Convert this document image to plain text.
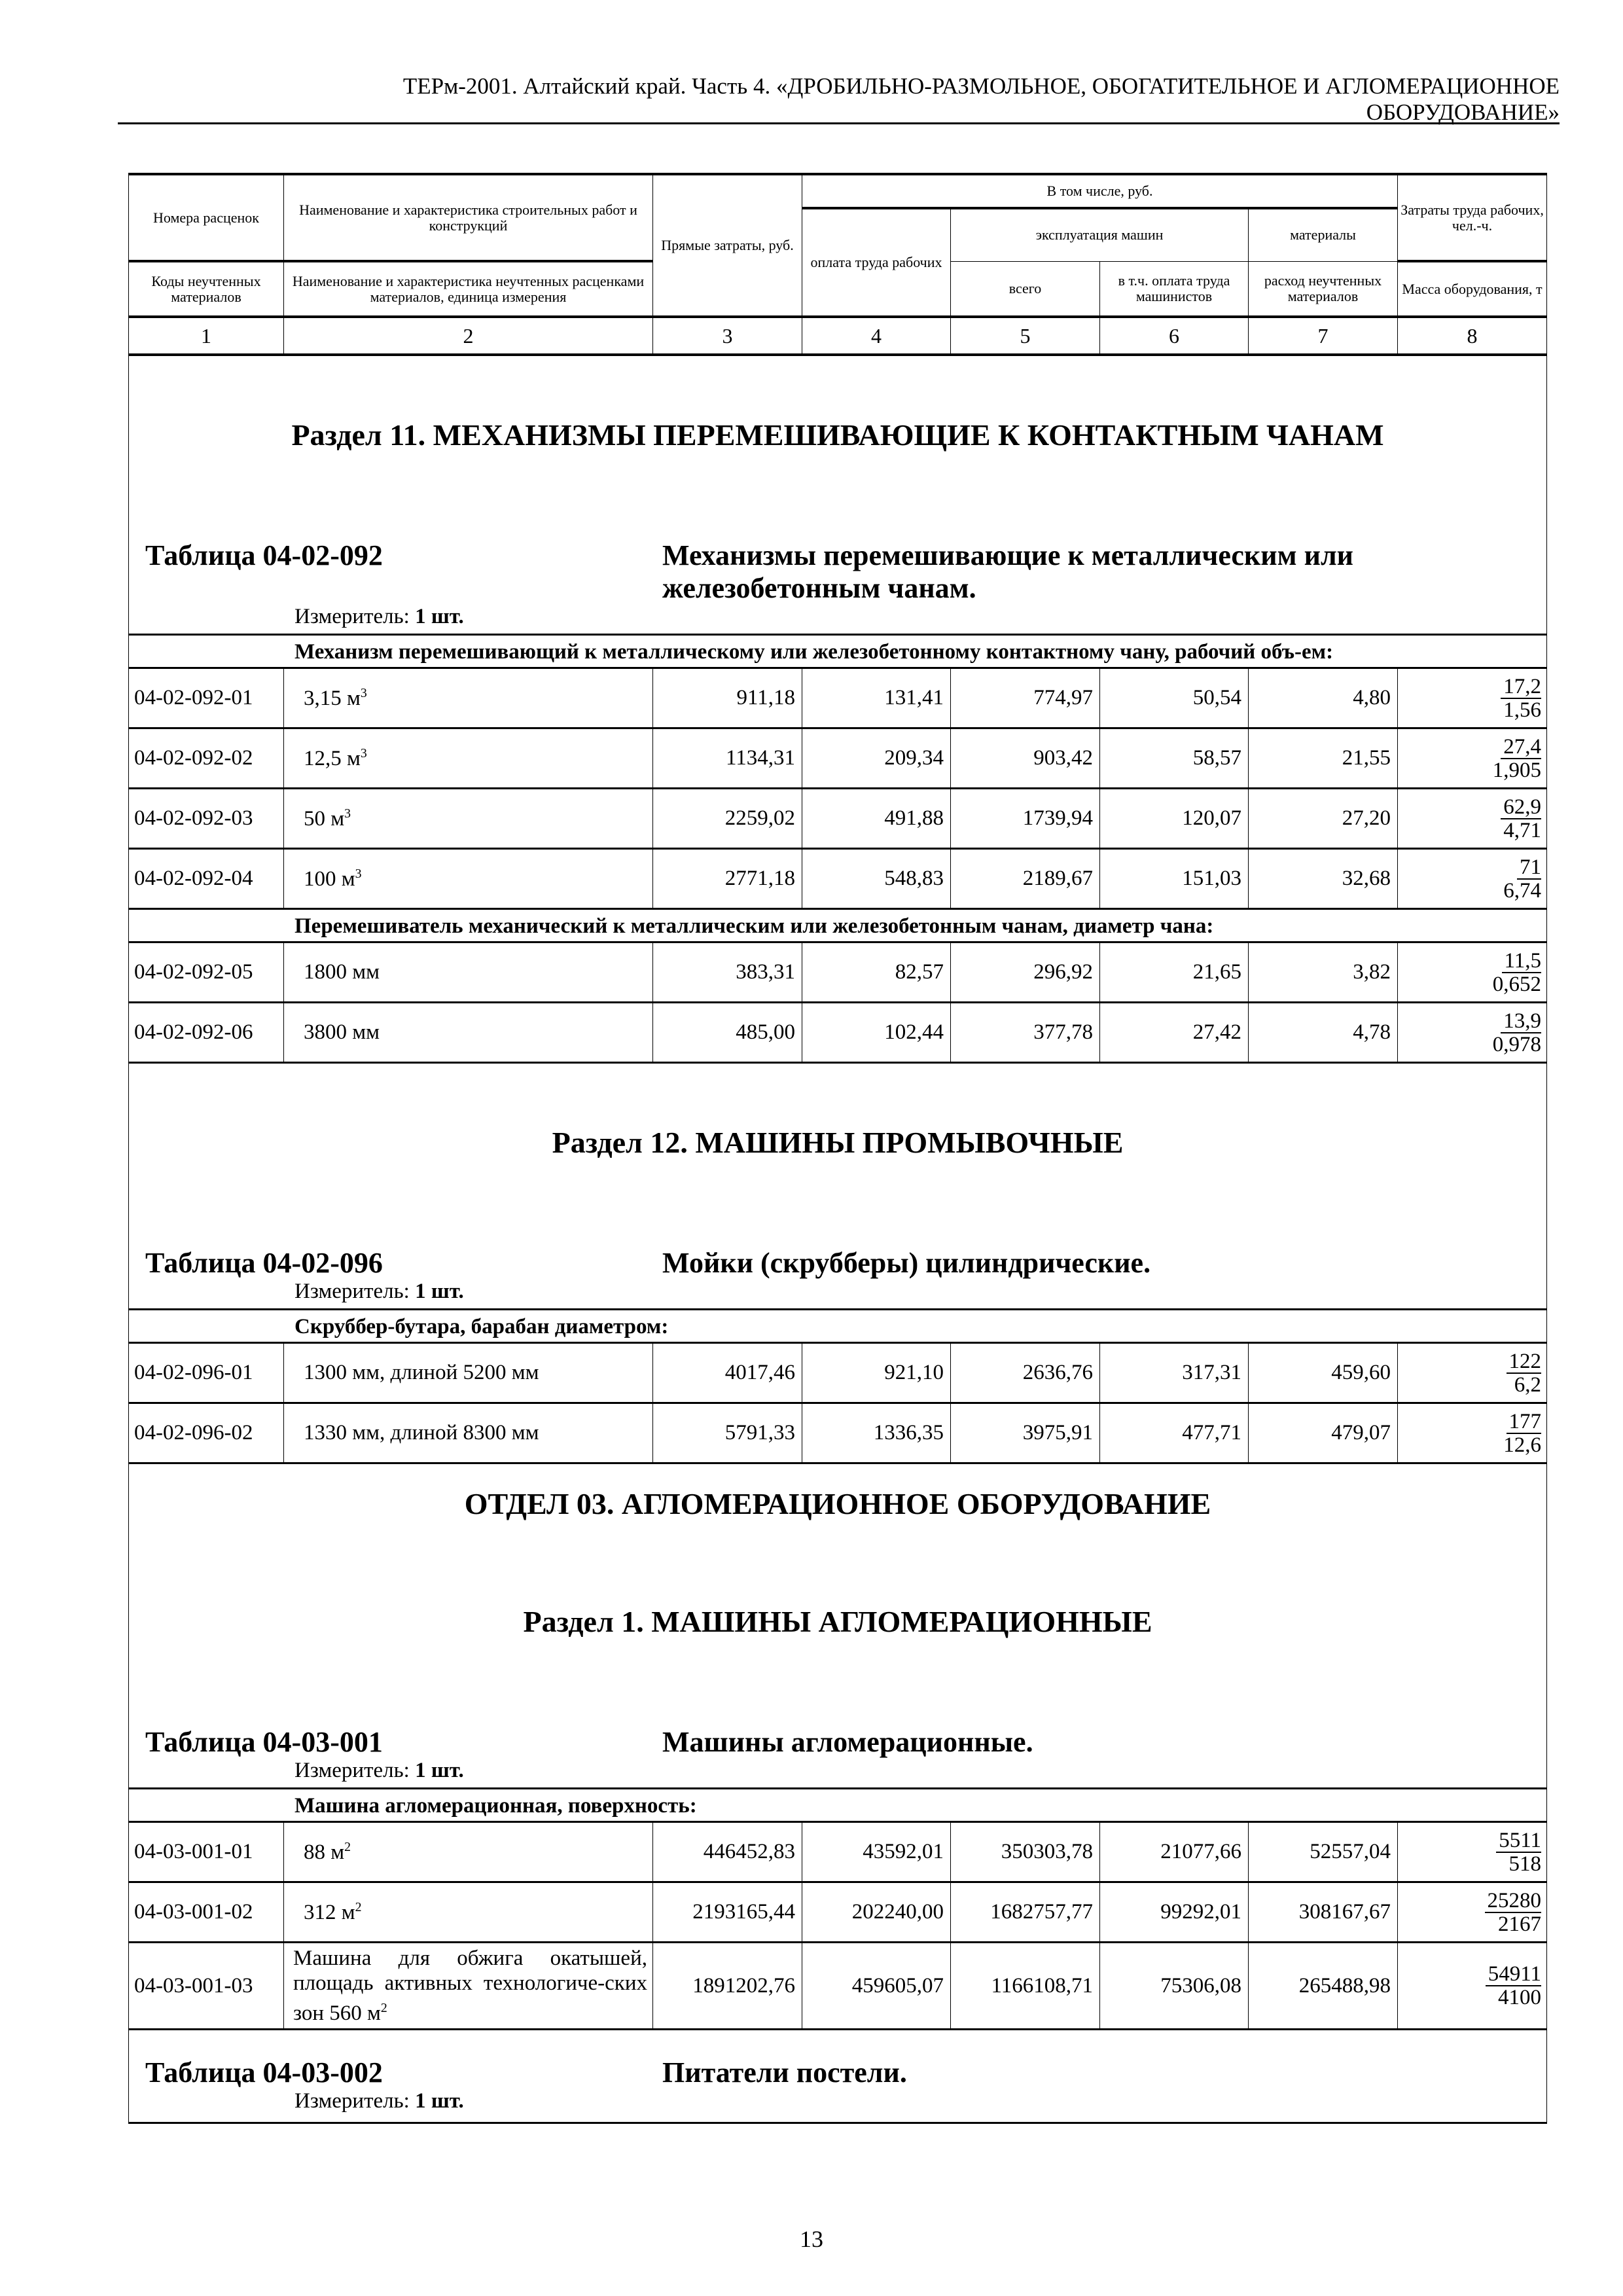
ТЕРм-2001. Алтайский край. Часть 4. «ДРОБИЛЬНО-РАЗМОЛЬНОЕ, ОБОГАТИТЕЛЬНОЕ И АГЛОМЕРАЦИОННОЕ
ОБОРУДОВАНИЕ»
Номера расценок	Наименование и характеристика строительных работ и конструкций	Прямые затраты, руб.	В том числе, руб.				Затраты труда рабочих, чел.-ч.
			оплата труда рабочих	эксплуатация машин		материалы	
Коды неучтенных материалов	Наименование и характеристика неучтенных расценками материалов, единица измерения			всего	в т.ч. оплата труда машинистов	расход неучтенных материалов	Масса оборудования, т
1	2	3	4	5	6	7	8
Раздел 11. МЕХАНИЗМЫ ПЕРЕМЕШИВАЮЩИЕ К КОНТАКТНЫМ ЧАНАМ							
Таблица 04-02-092 Механизмы перемешивающие к металлическим или железобетонным чанам.							
Измеритель: 1 шт.							
Механизм перемешивающий к металлическому или железобетонному контактному чану, рабочий объ-ем:							
04-02-092-01	3,15 $м^3$	911,18	131,41	774,97	50,54	4,80	17,2
1,56

04-02-092-02	12,5 $м^3$	1134,31	209,34	903,42	58,57	21,55	27,4
1,905

04-02-092-03	50 $м^3$	2259,02	491,88	1739,94	120,07	27,20	62,9
4,71

04-02-092-04	100 $м^3$	2771,18	548,83	2189,67	151,03	32,68	71
6,74

Перемешиватель механический к металлическим или железобетонным чанам, диаметр чана:							
04-02-092-05	1800 мм	383,31	82,57	296,92	21,65	3,82	11,5
0,652

04-02-092-06	3800 мм	485,00	102,44	377,78	27,42	4,78	13,9
0,978

Раздел 12. МАШИНЫ ПРОМЫВОЧНЫЕ							
Таблица 04-02-096 Мойки (скрубберы) цилиндрические.							
Измеритель: 1 шт.							
Скруббер-бутара, барабан диаметром:							
04-02-096-01	1300 мм, длиной 5200 мм	4017,46	921,10	2636,76	317,31	459,60	122
6,2

04-02-096-02	1330 мм, длиной 8300 мм	5791,33	1336,35	3975,91	477,71	479,07	177
12,6

ОТДЕЛ 03. АГЛОМЕРАЦИОННОЕ ОБОРУДОВАНИЕ							
Раздел 1. МАШИНЫ АГЛОМЕРАЦИОННЫЕ							
Таблица 04-03-001 Машины агломерационные.							
Измеритель: 1 шт.							
Машина агломерационная, поверхность:							
04-03-001-01	88 $м^2$	446452,83	43592,01	350303,78	21077,66	52557,04	5511
518

04-03-001-02	312 $м^2$	2193165,44	202240,00	1682757,77	99292,01	308167,67	25280
2167

04-03-001-03	Машина для обжига окатышей, площадь активных технологиче-ских зон 560 $м^2$	1891202,76	459605,07	1166108,71	75306,08	265488,98	54911
4100

Таблица 04-03-002 Питатели постели.							
Измеритель: 1 шт.							
13
